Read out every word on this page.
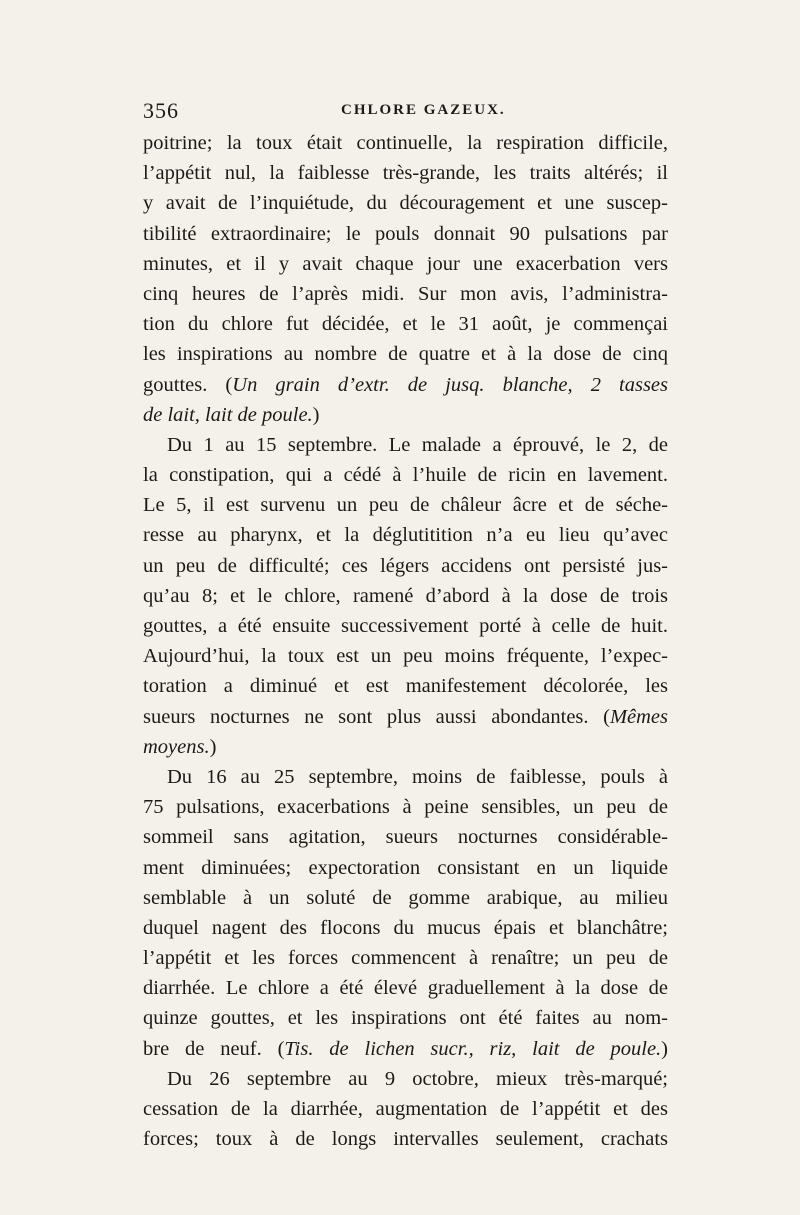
356	CHLORE GAZEUX.
poitrine; la toux était continuelle, la respiration difficile,
l’appétit nul, la faiblesse très-grande, les traits altérés; il
y avait de l’inquiétude, du découragement et une suscep-
tibilité extraordinaire; le pouls donnait 90 pulsations par
minutes, et il y avait chaque jour une exacerbation vers
cinq heures de l’après midi. Sur mon avis, l’administra-
tion du chlore fut décidée, et le 31 août, je commençai
les inspirations au nombre de quatre et à la dose de cinq
gouttes. (Un grain d’extr. de jusq. blanche, 2 tasses
de lait, lait de poule.)
Du 1 au 15 septembre. Le malade a éprouvé, le 2, de
la constipation, qui a cédé à l’huile de ricin en lavement.
Le 5, il est survenu un peu de châleur âcre et de séche-
resse au pharynx, et la déglutitition n’a eu lieu qu’avec
un peu de difficulté; ces légers accidens ont persisté jus-
qu’au 8; et le chlore, ramené d’abord à la dose de trois
gouttes, a été ensuite successivement porté à celle de huit.
Aujourd’hui, la toux est un peu moins fréquente, l’expec-
toration a diminué et est manifestement décolorée, les
sueurs nocturnes ne sont plus aussi abondantes. (Mêmes
moyens.)
Du 16 au 25 septembre, moins de faiblesse, pouls à
75 pulsations, exacerbations à peine sensibles, un peu de
sommeil sans agitation, sueurs nocturnes considérable-
ment diminuées; expectoration consistant en un liquide
semblable à un soluté de gomme arabique, au milieu
duquel nagent des flocons du mucus épais et blanchâtre;
l’appétit et les forces commencent à renaître; un peu de
diarrhée. Le chlore a été élevé graduellement à la dose de
quinze gouttes, et les inspirations ont été faites au nom-
bre de neuf. (Tis. de lichen sucr., riz, lait de poule.)
Du 26 septembre au 9 octobre, mieux très-marqué;
cessation de la diarrhée, augmentation de l’appétit et des
forces; toux à de longs intervalles seulement, crachats
